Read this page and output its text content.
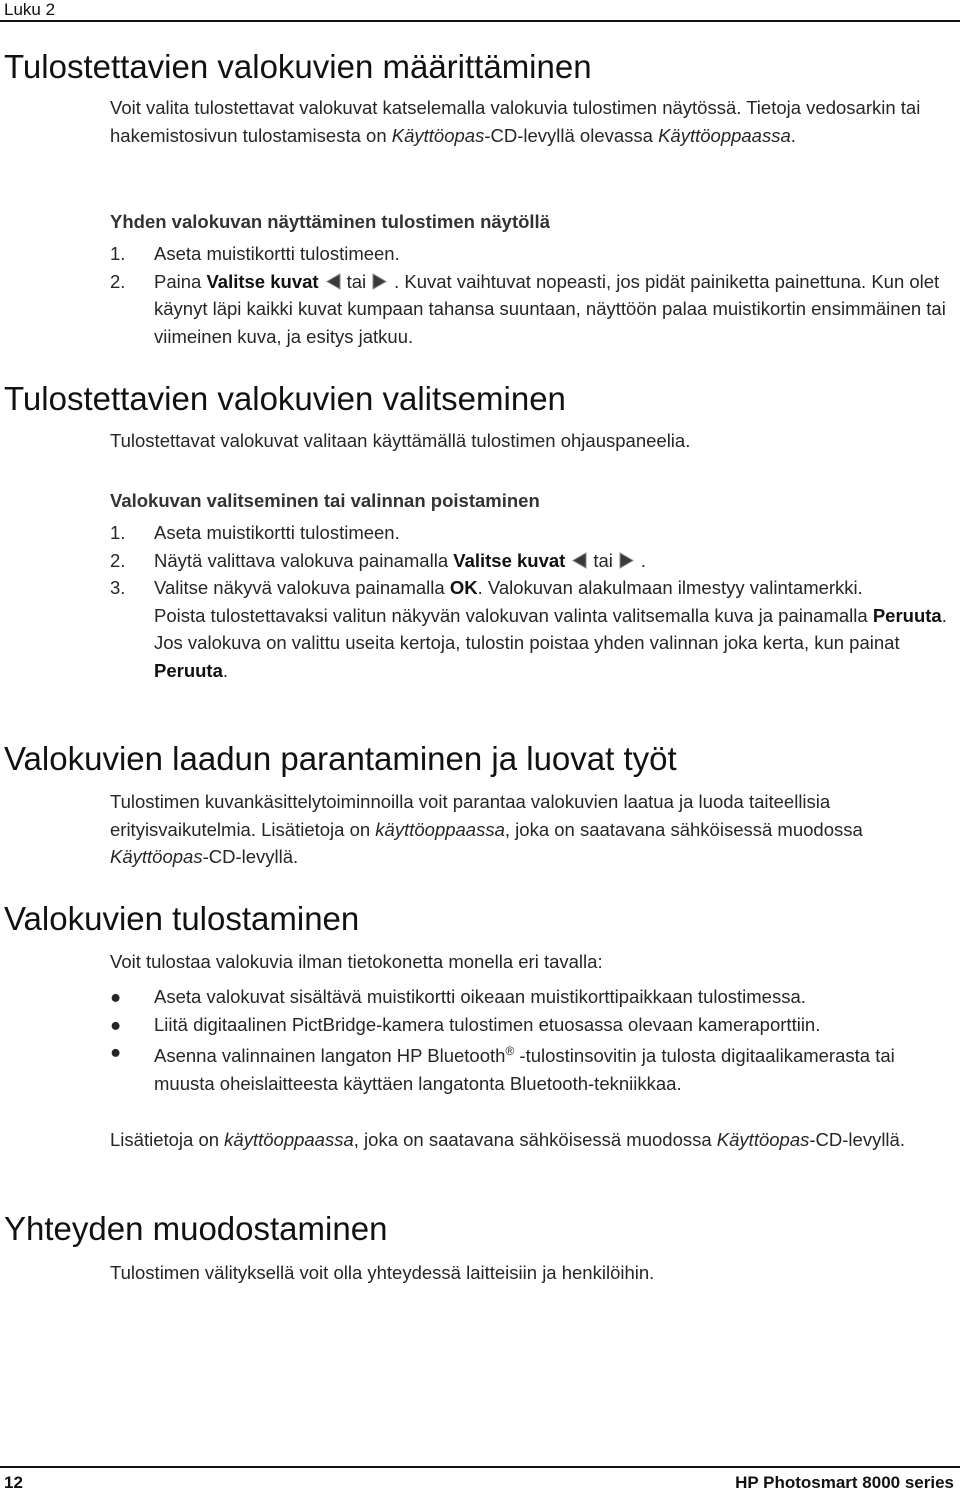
Luku 2
Tulostettavien valokuvien määrittäminen

Voit valita tulostettavat valokuvat katselemalla valokuvia tulostimen näytössä. Tietoja vedosarkin tai hakemistosivun tulostamisesta on Käyttöopas-CD-levyllä olevassa Käyttöoppaassa.

Yhden valokuvan näyttäminen tulostimen näytöllä
1. Aseta muistikortti tulostimeen.
2. Paina Valitse kuvat tai . Kuvat vaihtuvat nopeasti, jos pidät painiketta painettuna. Kun olet käynyt läpi kaikki kuvat kumpaan tahansa suuntaan, näyttöön palaa muistikortin ensimmäinen tai viimeinen kuva, ja esitys jatkuu.
Tulostettavien valokuvien valitseminen

Tulostettavat valokuvat valitaan käyttämällä tulostimen ohjauspaneelia.

Valokuvan valitseminen tai valinnan poistaminen
1. Aseta muistikortti tulostimeen.
2. Näytä valittava valokuva painamalla Valitse kuvat tai .
3. Valitse näkyvä valokuva painamalla OK. Valokuvan alakulmaan ilmestyy valintamerkki.

Poista tulostettavaksi valitun näkyvän valokuvan valinta valitsemalla kuva ja painamalla Peruuta. Jos valokuva on valittu useita kertoja, tulostin poistaa yhden valinnan joka kerta, kun painat Peruuta.

Valokuvien laadun parantaminen ja luovat työt

Tulostimen kuvankäsittelytoiminnoilla voit parantaa valokuvien laatua ja luoda taiteellisia erityisvaikutelmia. Lisätietoja on käyttöoppaassa, joka on saatavana sähköisessä muodossa Käyttöopas-CD-levyllä.

Valokuvien tulostaminen

Voit tulostaa valokuvia ilman tietokonetta monella eri tavalla:

● Aseta valokuvat sisältävä muistikortti oikeaan muistikorttipaikkaan tulostimessa.
● Liitä digitaalinen PictBridge-kamera tulostimen etuosassa olevaan kameraporttiin.
● Asenna valinnainen langaton HP Bluetooth® -tulostinsovitin ja tulosta digitaalikamerasta tai muusta oheislaitteesta käyttäen langatonta Bluetooth-tekniikkaa.

Lisätietoja on käyttöoppaassa, joka on saatavana sähköisessä muodossa Käyttöopas-CD-levyllä.

Yhteyden muodostaminen

Tulostimen välityksellä voit olla yhteydessä laitteisiin ja henkilöihin.

12	HP Photosmart 8000 series
